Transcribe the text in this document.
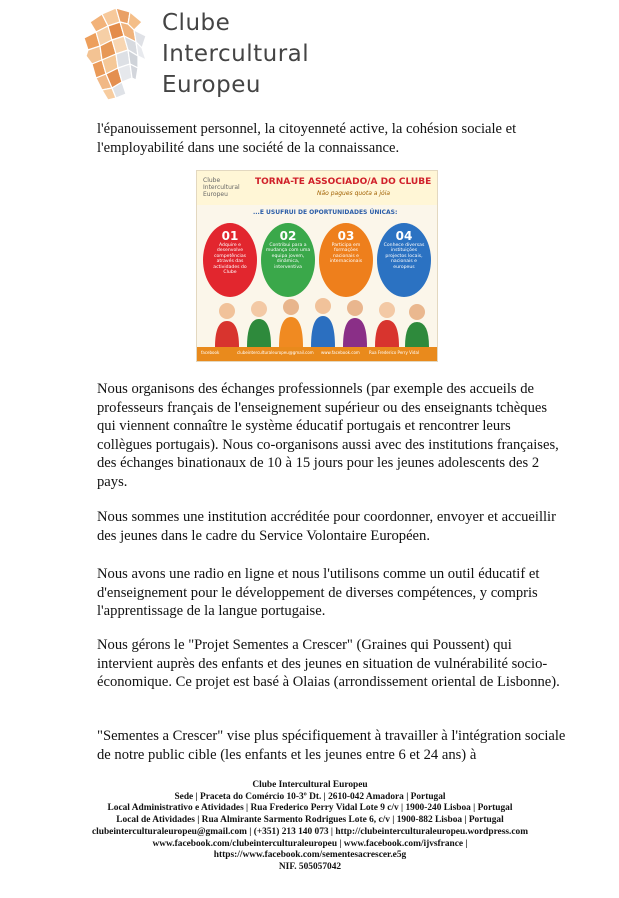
Clube
Intercultural
Europeu

l'épanouissement personnel, la citoyenneté active, la cohésion sociale et l'employabilité dans une société de la connaissance.

Clube Intercultural Europeu
TORNA-TE ASSOCIADO/A DO CLUBE
Não pagues quota a jóia
...E USUFRUI DE OPORTUNIDADES ÚNICAS:
01
Adquire e desenvolve competências através das actividades do Clube
02
Contribui para a mudança com uma equipa jovem, dinâmica, interventiva
03
Participa em formações nacionais e internacionais
04
Conhece diversas instituições projectos locais, nacionais e europeus
facebook	clubeinterculturaleuropeu@gmail.com www.facebook.com Rua Frederico Perry Vidal

Nous organisons des échanges professionnels (par exemple des accueils de professeurs français de l'enseignement supérieur ou des enseignants tchèques qui viennent connaître le système éducatif portugais et rencontrer leurs collègues portugais). Nous co-organisons aussi avec des institutions françaises, des échanges binationaux de 10 à 15 jours pour les jeunes adolescents des 2 pays.

Nous sommes une institution accréditée pour coordonner, envoyer et accueillir des jeunes dans le cadre du Service Volontaire Européen.

Nous avons une radio en ligne et nous l'utilisons comme un outil éducatif et d'enseignement pour le développement de diverses compétences, y compris l'apprentissage de la langue portugaise.

Nous gérons le "Projet Sementes a Crescer" (Graines qui Poussent) qui intervient auprès des enfants et des jeunes en situation de vulnérabilité socio-économique. Ce projet est basé à Olaias (arrondissement oriental de Lisbonne).

"Sementes a Crescer" vise plus spécifiquement à travailler à l'intégration sociale de notre public cible (les enfants et les jeunes entre 6 et 24 ans) à

Clube Intercultural Europeu
Sede | Praceta do Comércio 10-3º Dt. | 2610-042 Amadora | Portugal
Local Administrativo e Atividades | Rua Frederico Perry Vidal Lote 9 c/v | 1900-240 Lisboa | Portugal
Local de Atividades | Rua Almirante Sarmento Rodrigues Lote 6, c/v | 1900-882 Lisboa | Portugal
clubeinterculturaleuropeu@gmail.com | (+351) 213 140 073 | http://clubeinterculturaleuropeu.wordpress.com
www.facebook.com/clubeinterculturaleuropeu | www.facebook.com/ijvsfrance |
https://www.facebook.com/sementesacrescer.e5g
NIF. 505057042
